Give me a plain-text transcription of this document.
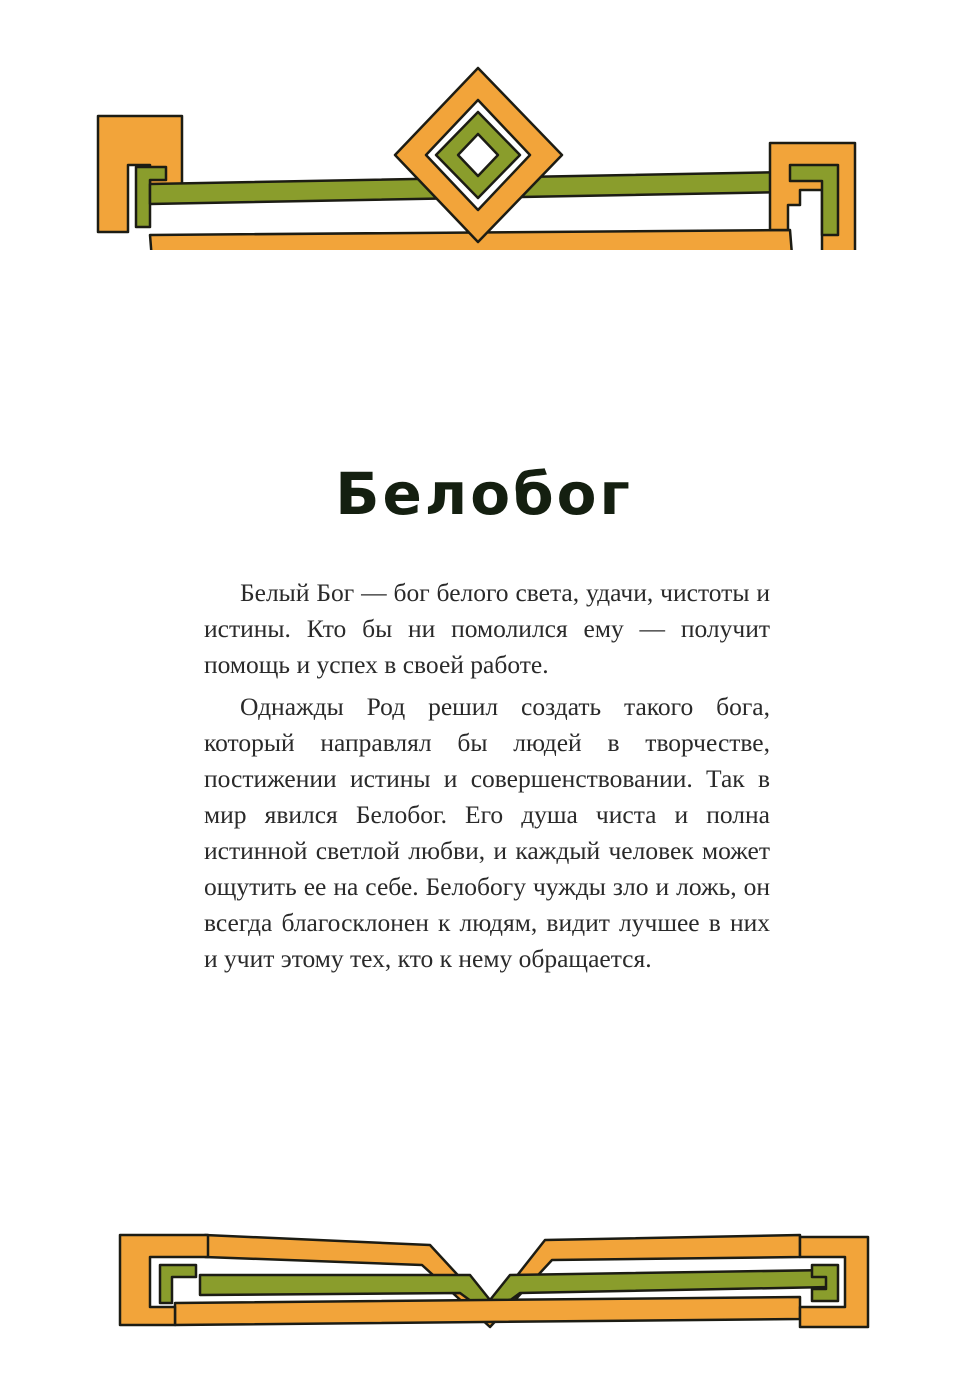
Белобог

Белый Бог — бог белого света, удачи, чистоты и истины. Кто бы ни помолился ему — получит помощь и успех в своей работе.

Однажды Род решил создать такого бога, который направлял бы людей в творчестве, постижении истины и совершенствовании. Так в мир явился Белобог. Его душа чиста и полна истинной светлой любви, и каждый человек может ощутить ее на себе. Белобогу чужды зло и ложь, он всегда благосклонен к людям, видит лучшее в них и учит этому тех, кто к нему обращается.
